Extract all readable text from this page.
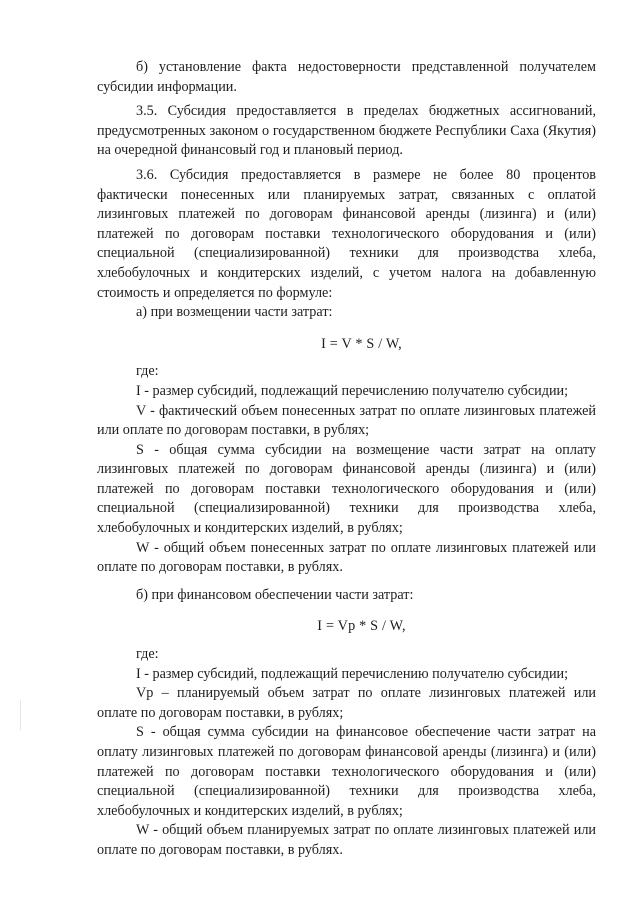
б) установление факта недостоверности представленной получателем субсидии информации.

3.5. Субсидия предоставляется в пределах бюджетных ассигнований, предусмотренных законом о государственном бюджете Республики Саха (Якутия) на очередной финансовый год и плановый период.

3.6. Субсидия предоставляется в размере не более 80 процентов фактически понесенных или планируемых затрат, связанных с оплатой лизинговых платежей по договорам финансовой аренды (лизинга) и (или) платежей по договорам поставки технологического оборудования и (или) специальной (специализированной) техники для производства хлеба, хлебобулочных и кондитерских изделий, с учетом налога на добавленную стоимость и определяется по формуле:

а) при возмещении части затрат:

I = V * S / W,

где:

I - размер субсидий, подлежащий перечислению получателю субсидии;

V - фактический объем понесенных затрат по оплате лизинговых платежей или оплате по договорам поставки, в рублях;

S - общая сумма субсидии на возмещение части затрат на оплату лизинговых платежей по договорам финансовой аренды (лизинга) и (или) платежей по договорам поставки технологического оборудования и (или) специальной (специализированной) техники для производства хлеба, хлебобулочных и кондитерских изделий, в рублях;

W - общий объем понесенных затрат по оплате лизинговых платежей или оплате по договорам поставки, в рублях.

б) при финансовом обеспечении части затрат:

I = Vp * S / W,

где:

I - размер субсидий, подлежащий перечислению получателю субсидии;

Vp – планируемый объем затрат по оплате лизинговых платежей или оплате по договорам поставки, в рублях;

S - общая сумма субсидии на финансовое обеспечение части затрат на оплату лизинговых платежей по договорам финансовой аренды (лизинга) и (или) платежей по договорам поставки технологического оборудования и (или) специальной (специализированной) техники для производства хлеба, хлебобулочных и кондитерских изделий, в рублях;

W - общий объем планируемых затрат по оплате лизинговых платежей или оплате по договорам поставки, в рублях.
